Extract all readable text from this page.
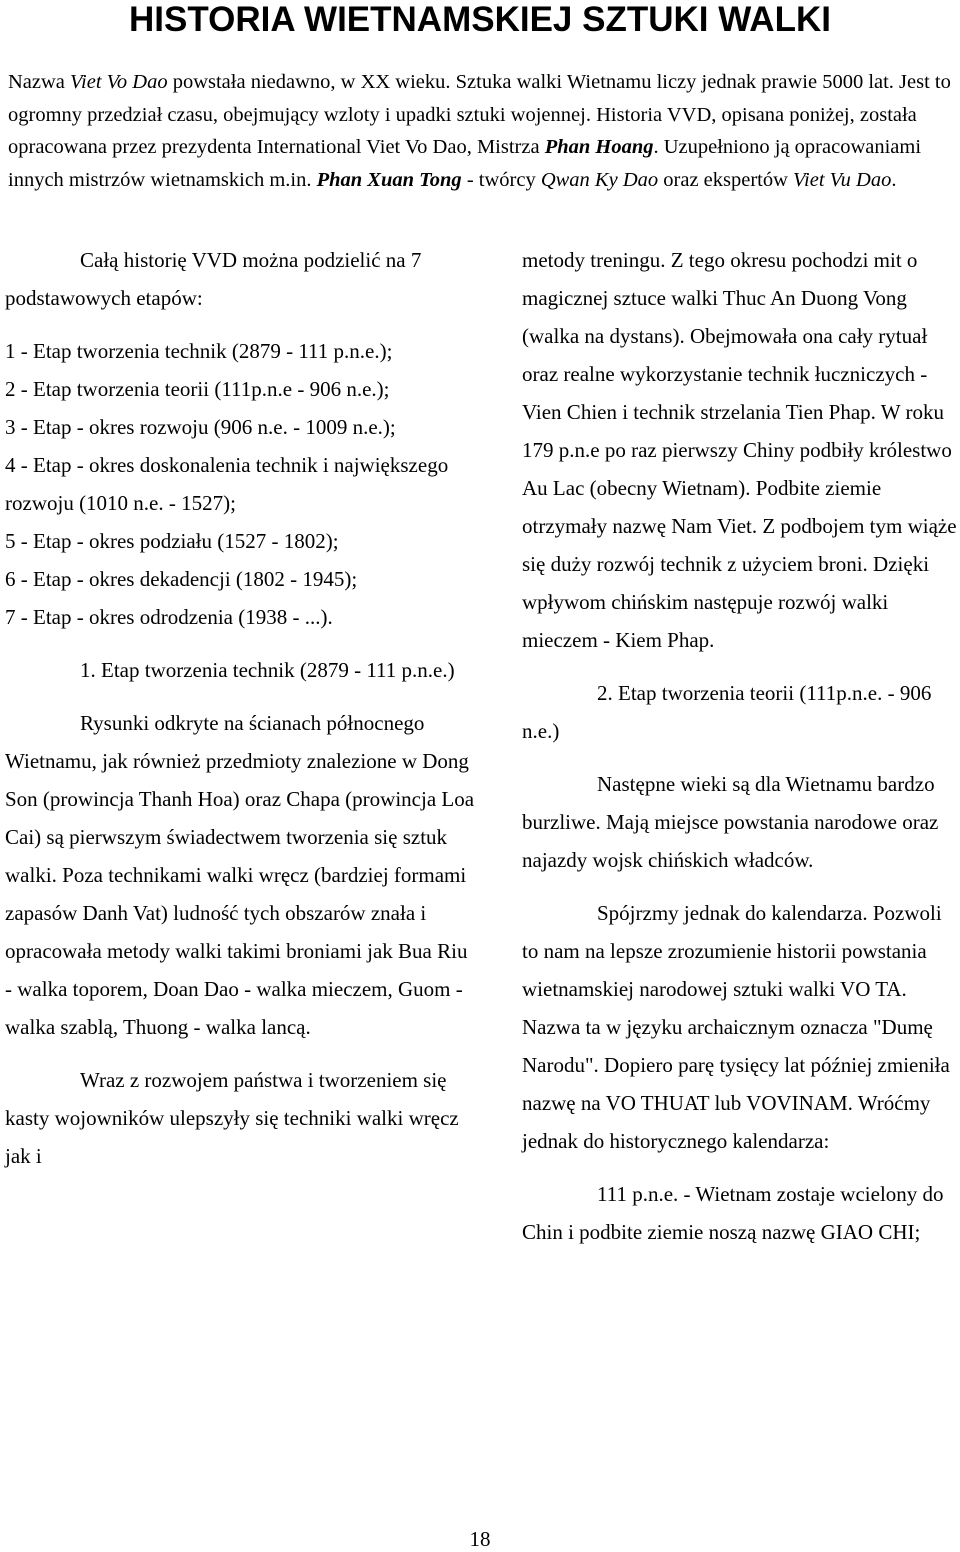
HISTORIA WIETNAMSKIEJ SZTUKI WALKI

Nazwa Viet Vo Dao powstała niedawno, w XX wieku. Sztuka walki Wietnamu liczy jednak prawie 5000 lat. Jest to ogromny przedział czasu, obejmujący wzloty i upadki sztuki wojennej. Historia VVD, opisana poniżej, została opracowana przez prezydenta International Viet Vo Dao, Mistrza Phan Hoang. Uzupełniono ją opracowaniami innych mistrzów wietnamskich m.in. Phan Xuan Tong - twórcy Qwan Ky Dao oraz ekspertów Viet Vu Dao.

Całą historię VVD można podzielić na 7 podstawowych etapów:

1 - Etap tworzenia technik (2879 - 111 p.n.e.);

2 - Etap tworzenia teorii (111p.n.e - 906 n.e.);

3 - Etap - okres rozwoju (906 n.e. - 1009 n.e.);

4 - Etap - okres doskonalenia technik i największego rozwoju (1010 n.e. - 1527);

5 - Etap - okres podziału (1527 - 1802);

6 - Etap - okres dekadencji (1802 - 1945);

7 - Etap - okres odrodzenia (1938 - ...).

1. Etap tworzenia technik (2879 - 111 p.n.e.)

Rysunki odkryte na ścianach północnego Wietnamu, jak również przedmioty znalezione w Dong Son (prowincja Thanh Hoa) oraz Chapa (prowincja Loa Cai) są pierwszym świadectwem tworzenia się sztuk walki. Poza technikami walki wręcz (bardziej formami zapasów Danh Vat) ludność tych obszarów znała i opracowała metody walki takimi broniami jak Bua Riu - walka toporem, Doan Dao - walka mieczem, Guom - walka szablą, Thuong - walka lancą.

Wraz z rozwojem państwa i tworzeniem się kasty wojowników ulepszyły się techniki walki wręcz jak i

metody treningu. Z tego okresu pochodzi mit o magicznej sztuce walki Thuc An Duong Vong (walka na dystans). Obejmowała ona cały rytuał oraz realne wykorzystanie technik łuczniczych - Vien Chien i technik strzelania Tien Phap. W roku 179 p.n.e po raz pierwszy Chiny podbiły królestwo Au Lac (obecny Wietnam). Podbite ziemie otrzymały nazwę Nam Viet. Z podbojem tym wiąże się duży rozwój technik z użyciem broni. Dzięki wpływom chińskim następuje rozwój walki mieczem - Kiem Phap.

2. Etap tworzenia teorii (111p.n.e. - 906 n.e.)

Następne wieki są dla Wietnamu bardzo burzliwe. Mają miejsce powstania narodowe oraz najazdy wojsk chińskich władców.

Spójrzmy jednak do kalendarza. Pozwoli to nam na lepsze zrozumienie historii powstania wietnamskiej narodowej sztuki walki VO TA. Nazwa ta w języku archaicznym oznacza "Dumę Narodu". Dopiero parę tysięcy lat później zmieniła nazwę na VO THUAT lub VOVINAM. Wróćmy jednak do historycznego kalendarza:

111 p.n.e. - Wietnam zostaje wcielony do Chin i podbite ziemie noszą nazwę GIAO CHI;

18
